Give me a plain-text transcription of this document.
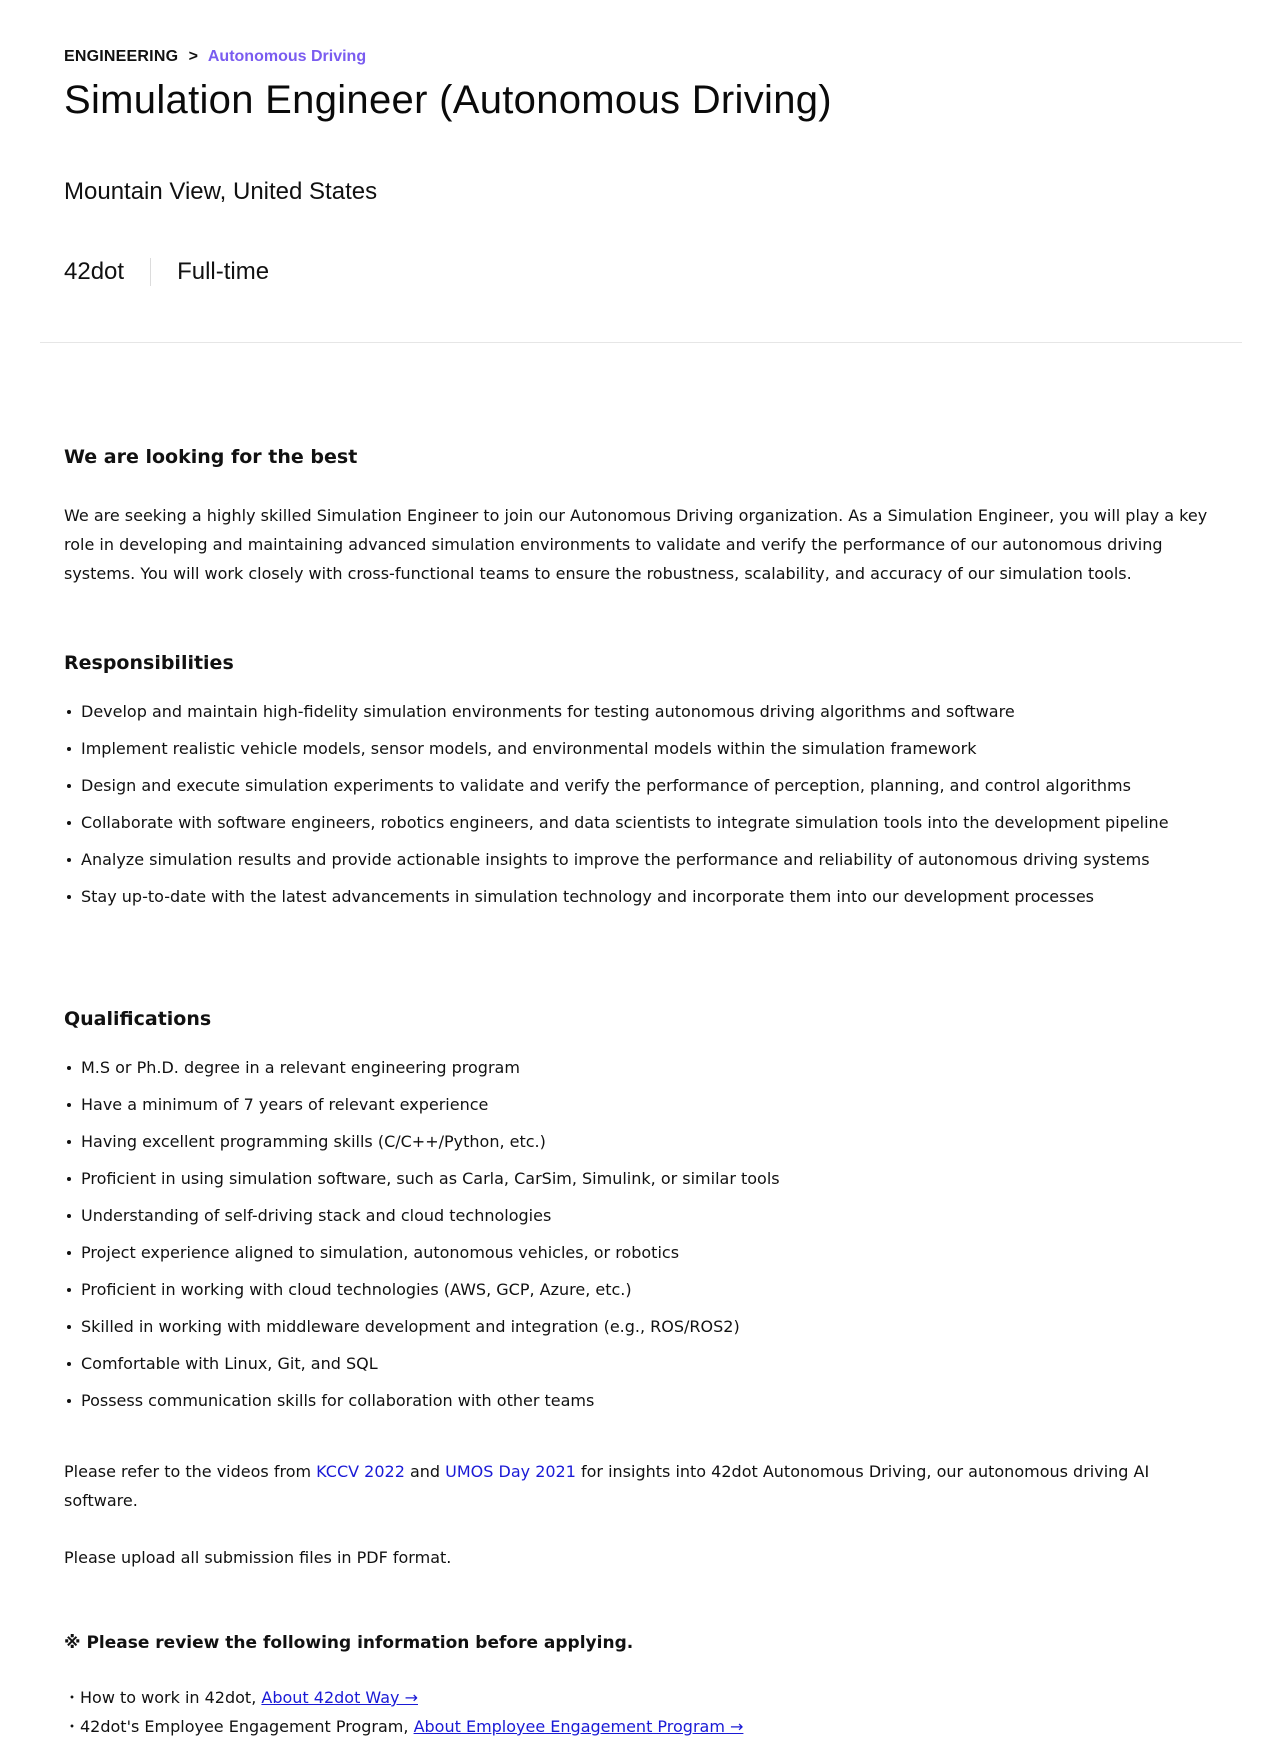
ENGINEERING > Autonomous Driving
Simulation Engineer (Autonomous Driving)
Mountain View, United States
42dot Full-time
We are looking for the best

We are seeking a highly skilled Simulation Engineer to join our Autonomous Driving organization. As a Simulation Engineer, you will play a key role in developing and maintaining advanced simulation environments to validate and verify the performance of our autonomous driving systems. You will work closely with cross-functional teams to ensure the robustness, scalability, and accuracy of our simulation tools.

Responsibilities
Develop and maintain high-fidelity simulation environments for testing autonomous driving algorithms and software
Implement realistic vehicle models, sensor models, and environmental models within the simulation framework
Design and execute simulation experiments to validate and verify the performance of perception, planning, and control algorithms
Collaborate with software engineers, robotics engineers, and data scientists to integrate simulation tools into the development pipeline
Analyze simulation results and provide actionable insights to improve the performance and reliability of autonomous driving systems
Stay up-to-date with the latest advancements in simulation technology and incorporate them into our development processes
Qualifications
M.S or Ph.D. degree in a relevant engineering program
Have a minimum of 7 years of relevant experience
Having excellent programming skills (C/C++/Python, etc.)
Proficient in using simulation software, such as Carla, CarSim, Simulink, or similar tools
Understanding of self-driving stack and cloud technologies
Project experience aligned to simulation, autonomous vehicles, or robotics
Proficient in working with cloud technologies (AWS, GCP, Azure, etc.)
Skilled in working with middleware development and integration (e.g., ROS/ROS2)
Comfortable with Linux, Git, and SQL
Possess communication skills for collaboration with other teams

Please refer to the videos from KCCV 2022 and UMOS Day 2021 for insights into 42dot Autonomous Driving, our autonomous driving AI software.

Please upload all submission files in PDF format.

※ Please review the following information before applying.

・How to work in 42dot, About 42dot Way →

・42dot's Employee Engagement Program, About Employee Engagement Program →
